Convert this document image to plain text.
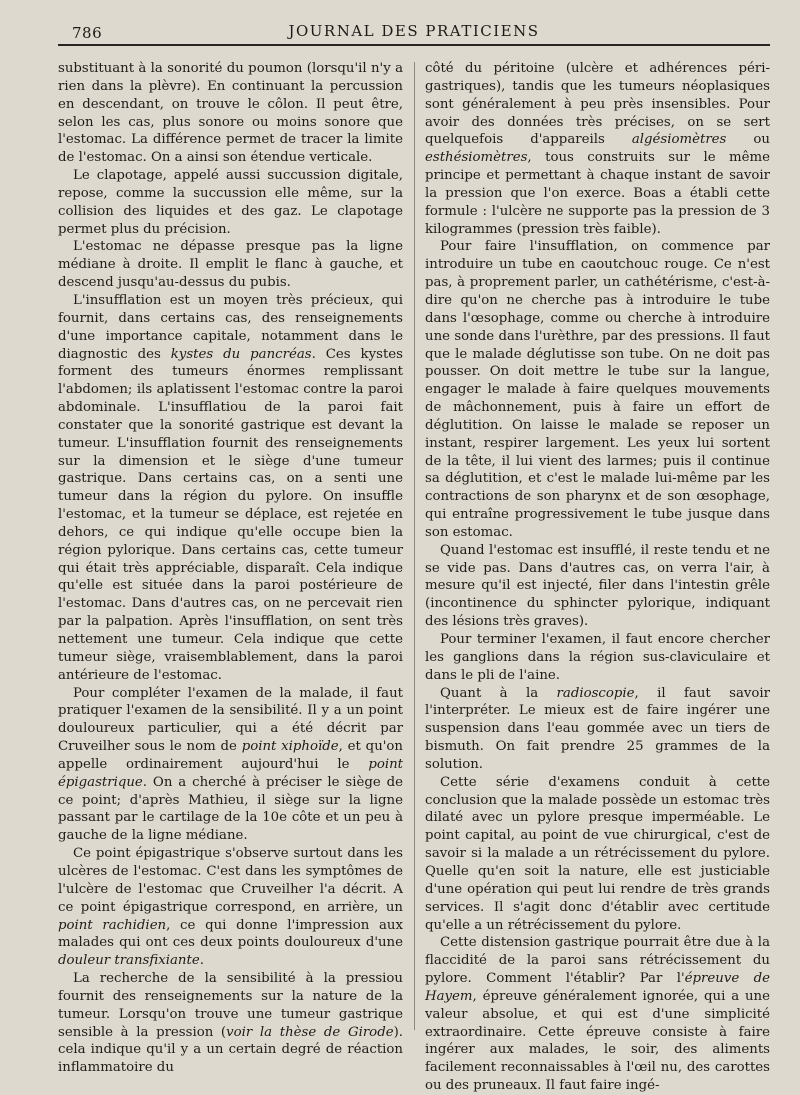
786	JOURNAL DES PRATICIENS

substituant à la sonorité du poumon (lorsqu'il n'y a rien dans la plèvre). En continuant la percussion en descendant, on trouve le côlon. Il peut être, selon les cas, plus sonore ou moins sonore que l'estomac. La différence permet de tracer la limite de l'estomac. On a ainsi son étendue verticale.

Le clapotage, appelé aussi succussion digitale, repose, comme la succussion elle même, sur la collision des liquides et des gaz. Le clapotage permet plus du précision.

L'estomac ne dépasse presque pas la ligne médiane à droite. Il emplit le flanc à gauche, et descend jusqu'au-dessus du pubis.

L'insufflation est un moyen très précieux, qui fournit, dans certains cas, des renseignements d'une importance capitale, notamment dans le diagnostic des kystes du pancréas. Ces kystes forment des tumeurs énormes remplissant l'abdomen; ils aplatissent l'estomac contre la paroi abdominale. L'insufflatiou de la paroi fait constater que la sonorité gastrique est devant la tumeur. L'insufflation fournit des renseignements sur la dimension et le siège d'une tumeur gastrique. Dans certains cas, on a senti une tumeur dans la région du pylore. On insuffle l'estomac, et la tumeur se déplace, est rejetée en dehors, ce qui indique qu'elle occupe bien la région pylorique. Dans certains cas, cette tumeur qui était très appréciable, disparaît. Cela indique qu'elle est située dans la paroi postérieure de l'estomac. Dans d'autres cas, on ne percevait rien par la palpation. Après l'insufflation, on sent très nettement une tumeur. Cela indique que cette tumeur siège, vraisemblablement, dans la paroi antérieure de l'estomac.

Pour compléter l'examen de la malade, il faut pratiquer l'examen de la sensibilité. Il y a un point douloureux particulier, qui a été décrit par Cruveilher sous le nom de point xiphoïde, et qu'on appelle ordinairement aujourd'hui le point épigastrique. On a cherché à préciser le siège de ce point; d'après Mathieu, il siège sur la ligne passant par le cartilage de la 10e côte et un peu à gauche de la ligne médiane.

Ce point épigastrique s'observe surtout dans les ulcères de l'estomac. C'est dans les symptômes de l'ulcère de l'estomac que Cruveilher l'a décrit. A ce point épigastrique correspond, en arrière, un point rachidien, ce qui donne l'impression aux malades qui ont ces deux points douloureux d'une douleur transfixiante.

La recherche de la sensibilité à la pressiou fournit des renseignements sur la nature de la tumeur. Lorsqu'on trouve une tumeur gastrique sensible à la pression (voir la thèse de Girode). cela indique qu'il y a un certain degré de réaction inflammatoire du

côté du péritoine (ulcère et adhérences péri-gastriques), tandis que les tumeurs néoplasiques sont généralement à peu près insensibles. Pour avoir des données très précises, on se sert quelquefois d'appareils algésiomètres ou esthésiomètres, tous construits sur le même principe et permettant à chaque instant de savoir la pression que l'on exerce. Boas a établi cette formule : l'ulcère ne supporte pas la pression de 3 kilogrammes (pression très faible).

Pour faire l'insufflation, on commence par introduire un tube en caoutchouc rouge. Ce n'est pas, à proprement parler, un cathétérisme, c'est-à-dire qu'on ne cherche pas à introduire le tube dans l'œsophage, comme ou cherche à introduire une sonde dans l'urèthre, par des pressions. Il faut que le malade déglutisse son tube. On ne doit pas pousser. On doit mettre le tube sur la langue, engager le malade à faire quelques mouvements de mâchonnement, puis à faire un effort de déglutition. On laisse le malade se reposer un instant, respirer largement. Les yeux lui sortent de la tête, il lui vient des larmes; puis il continue sa déglutition, et c'est le malade lui-même par les contractions de son pharynx et de son œsophage, qui entraîne progressivement le tube jusque dans son estomac.

Quand l'estomac est insufflé, il reste tendu et ne se vide pas. Dans d'autres cas, on verra l'air, à mesure qu'il est injecté, filer dans l'intestin grêle (incontinence du sphincter pylorique, indiquant des lésions très graves).

Pour terminer l'examen, il faut encore chercher les ganglions dans la région sus-claviculaire et dans le pli de l'aine.

Quant à la radioscopie, il faut savoir l'interpréter. Le mieux est de faire ingérer une suspension dans l'eau gommée avec un tiers de bismuth. On fait prendre 25 grammes de la solution.

Cette série d'examens conduit à cette conclusion que la malade possède un estomac très dilaté avec un pylore presque imperméable. Le point capital, au point de vue chirurgical, c'est de savoir si la malade a un rétrécissement du pylore. Quelle qu'en soit la nature, elle est justiciable d'une opération qui peut lui rendre de très grands services. Il s'agit donc d'établir avec certitude qu'elle a un rétrécissement du pylore.

Cette distension gastrique pourrait être due à la flaccidité de la paroi sans rétrécissement du pylore. Comment l'établir? Par l'épreuve de Hayem, épreuve généralement ignorée, qui a une valeur absolue, et qui est d'une simplicité extraordinaire. Cette épreuve consiste à faire ingérer aux malades, le soir, des aliments facilement reconnaissables à l'œil nu, des carottes ou des pruneaux. Il faut faire ingé-
